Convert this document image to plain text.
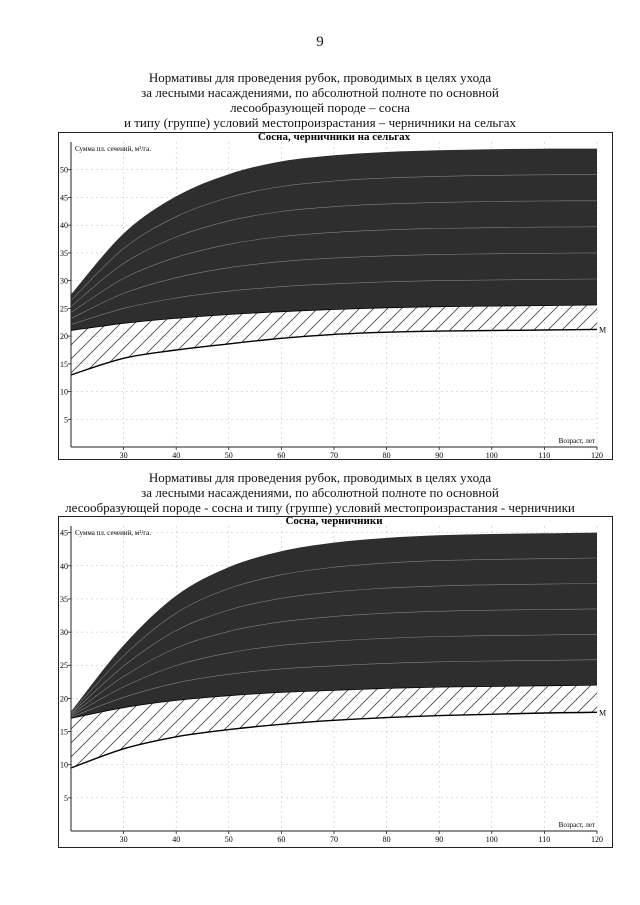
9
Нормативы для проведения рубок, проводимых в целях ухода
за лесными насаждениями, по абсолютной полноте по основной
лесообразующей породе – сосна
и типу (группе) условий местопроизрастания – черничники на сельгах
M
5
10
15
20
25
30
35
40
45
50
30	40	50	60	70	80	90	100	110	120
Сосна, черничники на сельгах
Сумма пл. сечений, м²/га.
Возраст, лет
Нормативы для проведения рубок, проводимых в целях ухода
за лесными насаждениями, по абсолютной полноте по основной
лесообразующей породе - сосна и типу (группе) условий местопроизрастания - черничники
M
5
10
15
20
25
30
35
40
45
30	40	50	60	70	80	90	100	110	120
Сосна, черничники
Сумма пл. сечений, м²/га.
Возраст, лет
